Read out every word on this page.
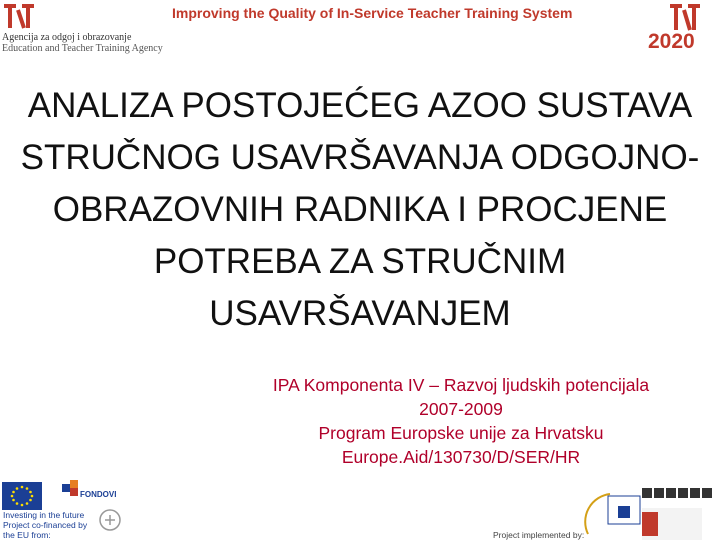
Agencija za odgoj i obrazovanje
Education and Teacher Training Agency
Improving the Quality of In-Service Teacher Training System
2020
ANALIZA POSTOJEĆEG AZOO SUSTAVA
STRUČNOG USAVRŠAVANJA ODGOJNO-
OBRAZOVNIH RADNIKA I PROCJENE
POTREBA ZA STRUČNIM
USAVRŠAVANJEM
IPA Komponenta IV – Razvoj ljudskih potencijala
2007-2009
Program Europske unije za Hrvatsku
Europe.Aid/130730/D/SER/HR
FONDOVI
Investing in the future
Project co-financed by
the EU from:	Project implemented by:
